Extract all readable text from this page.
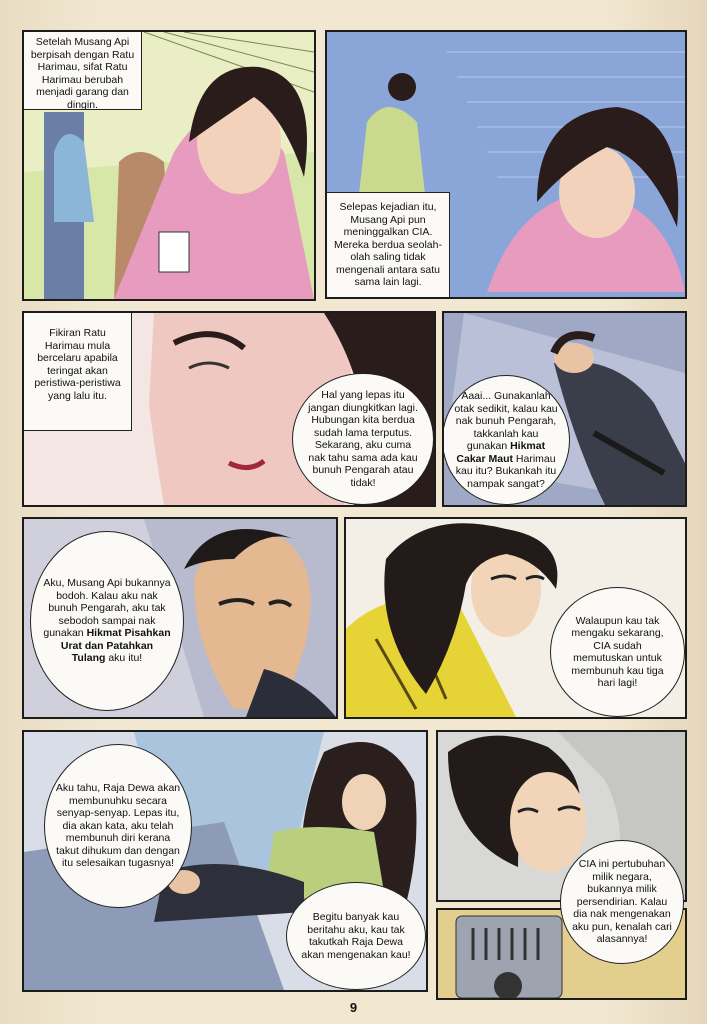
Setelah Musang Api berpisah dengan Ratu Harimau, sifat Ratu Harimau berubah menjadi garang dan dingin.
Selepas kejadian itu, Musang Api pun meninggalkan CIA. Mereka berdua seolah-olah saling tidak mengenali antara satu sama lain lagi.
Fikiran Ratu Harimau mula bercelaru apabila teringat akan peristiwa-peristiwa yang lalu itu.	Hal yang lepas itu jangan diungkitkan lagi. Hubungan kita berdua sudah lama terputus. Sekarang, aku cuma nak tahu sama ada kau bunuh Pengarah atau tidak!
Aaai... Gunakanlah otak sedikit, kalau kau nak bunuh Pengarah, takkanlah kau gunakan Hikmat Cakar Maut Harimau kau itu? Bukankah itu nampak sangat?
Aku, Musang Api bukannya bodoh. Kalau aku nak bunuh Pengarah, aku tak sebodoh sampai nak gunakan Hikmat Pisahkan Urat dan Patahkan Tulang aku itu!
Walaupun kau tak mengaku sekarang, CIA sudah memutuskan untuk membunuh kau tiga hari lagi!
Aku tahu, Raja Dewa akan membunuhku secara senyap-senyap. Lepas itu, dia akan kata, aku telah membunuh diri kerana takut dihukum dan dengan itu selesaikan tugasnya!
Begitu banyak kau beritahu aku, kau tak takutkah Raja Dewa akan mengenakan kau!
CIA ini pertubuhan milik negara, bukannya milik persendirian. Kalau dia nak mengenakan aku pun, kenalah cari alasannya!
9
